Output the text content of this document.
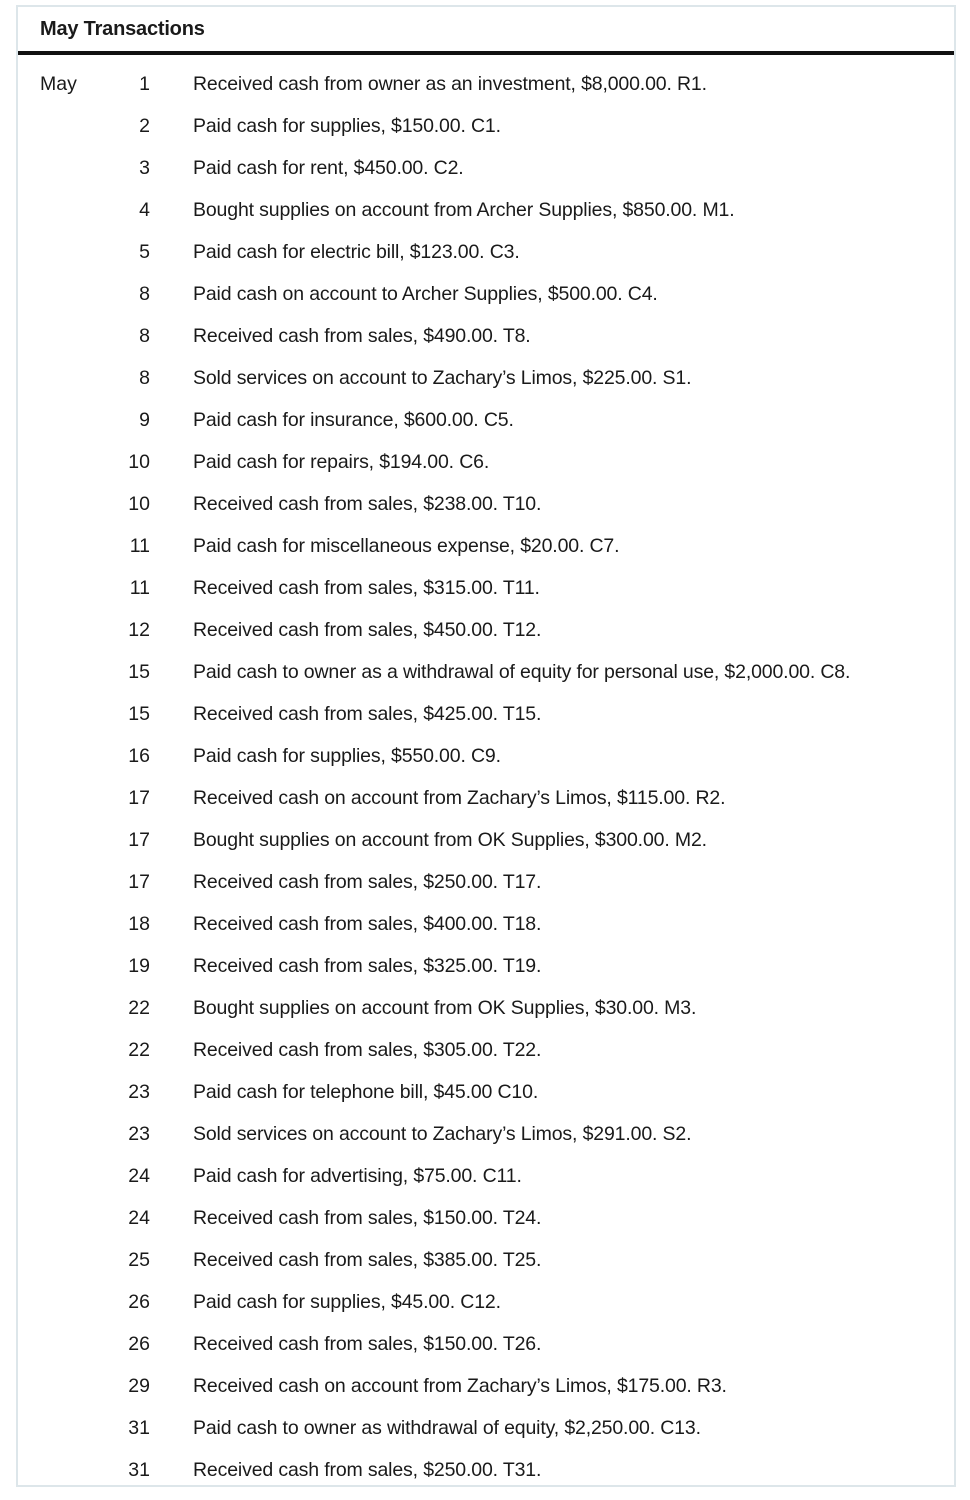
May Transactions
May	1 Received cash from owner as an investment, $8,000.00. R1.
2 Paid cash for supplies, $150.00. C1.
3 Paid cash for rent, $450.00. C2.
4 Bought supplies on account from Archer Supplies, $850.00. M1.
5 Paid cash for electric bill, $123.00. C3.
8 Paid cash on account to Archer Supplies, $500.00. C4.
8 Received cash from sales, $490.00. T8.
8 Sold services on account to Zachary’s Limos, $225.00. S1.
9 Paid cash for insurance, $600.00. C5.
10 Paid cash for repairs, $194.00. C6.
10 Received cash from sales, $238.00. T10.
11 Paid cash for miscellaneous expense, $20.00. C7.
11 Received cash from sales, $315.00. T11.
12 Received cash from sales, $450.00. T12.
15 Paid cash to owner as a withdrawal of equity for personal use, $2,000.00. C8.
15 Received cash from sales, $425.00. T15.
16 Paid cash for supplies, $550.00. C9.
17 Received cash on account from Zachary’s Limos, $115.00. R2.
17 Bought supplies on account from OK Supplies, $300.00. M2.
17 Received cash from sales, $250.00. T17.
18 Received cash from sales, $400.00. T18.
19 Received cash from sales, $325.00. T19.
22 Bought supplies on account from OK Supplies, $30.00. M3.
22 Received cash from sales, $305.00. T22.
23 Paid cash for telephone bill, $45.00 C10.
23 Sold services on account to Zachary’s Limos, $291.00. S2.
24 Paid cash for advertising, $75.00. C11.
24 Received cash from sales, $150.00. T24.
25 Received cash from sales, $385.00. T25.
26 Paid cash for supplies, $45.00. C12.
26 Received cash from sales, $150.00. T26.
29 Received cash on account from Zachary’s Limos, $175.00. R3.
31 Paid cash to owner as withdrawal of equity, $2,250.00. C13.
31 Received cash from sales, $250.00. T31.
